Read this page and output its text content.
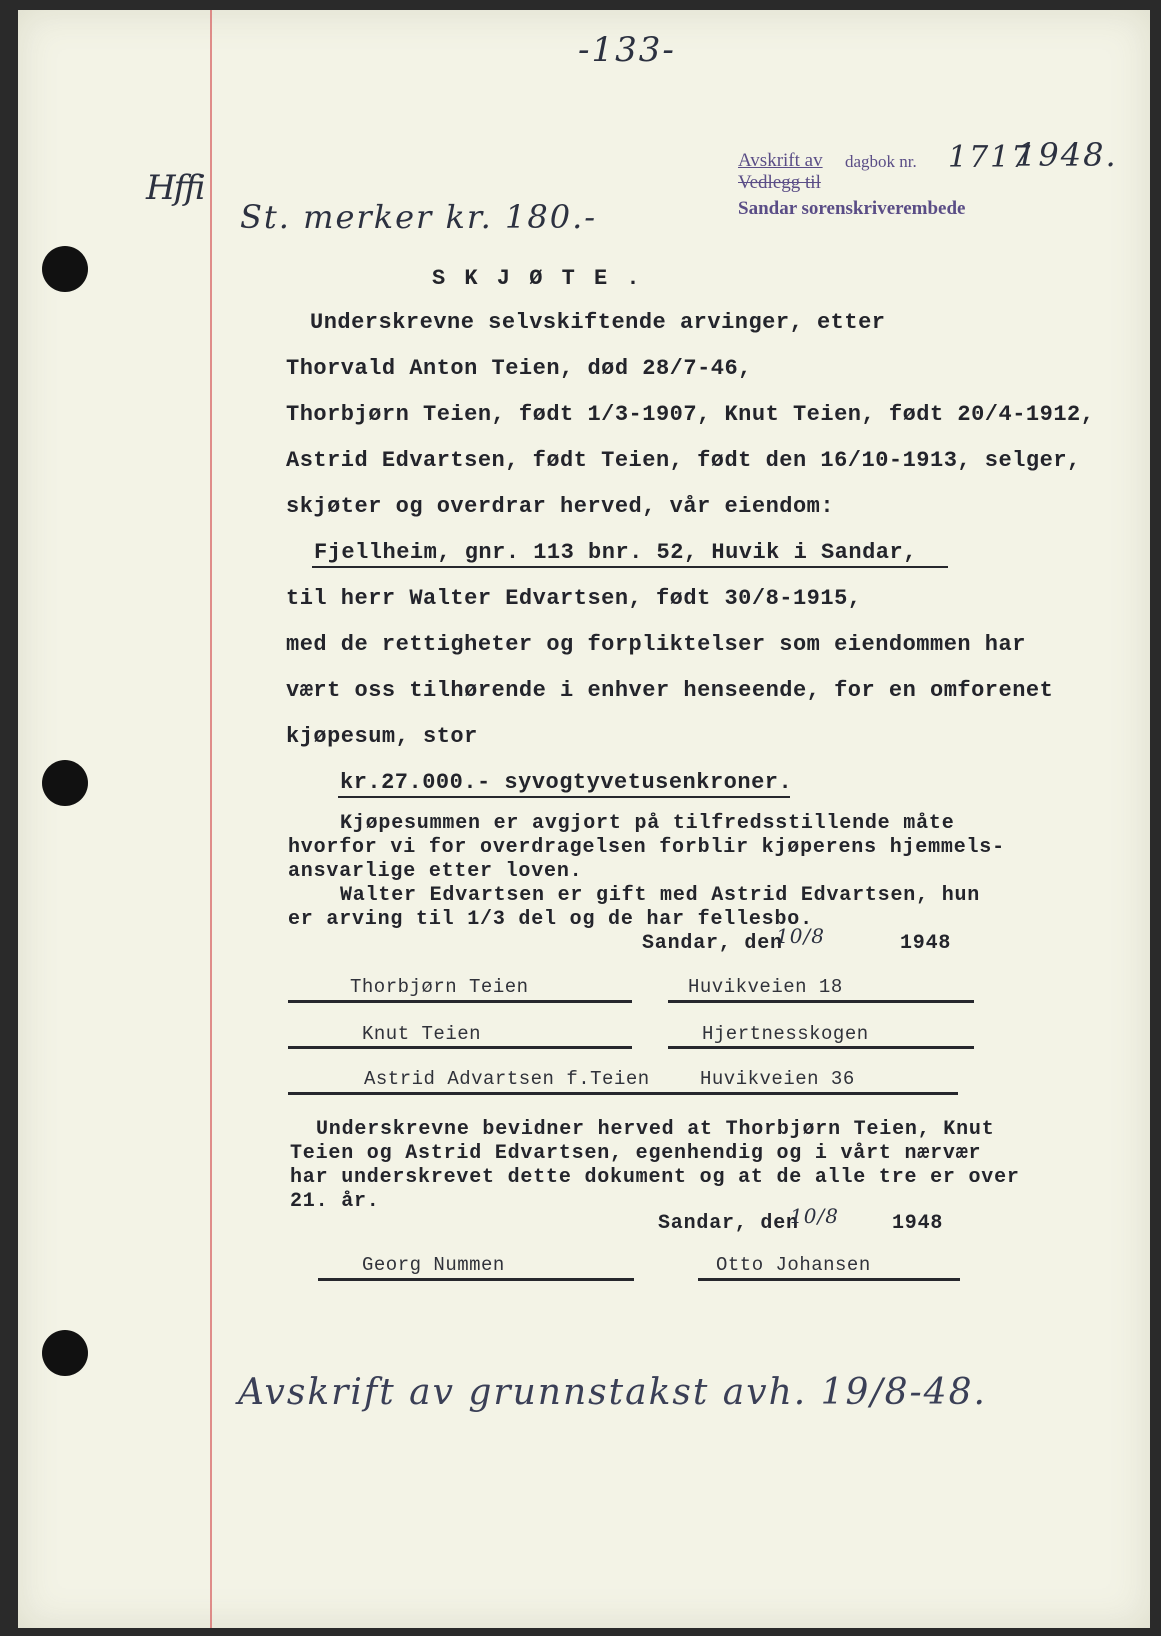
-133-
Hffi
Avskrift av dagbok nr. 1717
1948.
Vedlegg til
Sandar sorenskriverembede
St. merker kr. 180.-
S K J Ø T E .
Underskrevne selvskiftende arvinger, etter
Thorvald Anton Teien, død 28/7-46,
Thorbjørn Teien, født 1/3-1907, Knut Teien, født 20/4-1912,
Astrid Edvartsen, født Teien, født den 16/10-1913, selger,
skjøter og overdrar herved, vår eiendom:
Fjellheim, gnr. 113 bnr. 52, Huvik i Sandar,
til herr Walter Edvartsen, født 30/8-1915,
med de rettigheter og forpliktelser som eiendommen har
vært oss tilhørende i enhver henseende, for en omforenet
kjøpesum, stor
kr.27.000.- syvogtyvetusenkroner.
Kjøpesummen er avgjort på tilfredsstillende måte
hvorfor vi for overdragelsen forblir kjøperens hjemmels-
ansvarlige etter loven.
Walter Edvartsen er gift med Astrid Edvartsen, hun
er arving til 1/3 del og de har fellesbo.
Sandar, den
10/8	1948
Thorbjørn Teien	Huvikveien 18
Knut Teien	Hjertnesskogen
Astrid Advartsen f.Teien	Huvikveien 36
Underskrevne bevidner herved at Thorbjørn Teien, Knut
Teien og Astrid Edvartsen, egenhendig og i vårt nærvær
har underskrevet dette dokument og at de alle tre er over
21. år.
Sandar, den
10/8	1948
Georg Nummen	Otto Johansen
Avskrift av grunnstakst avh. 19/8-48.
